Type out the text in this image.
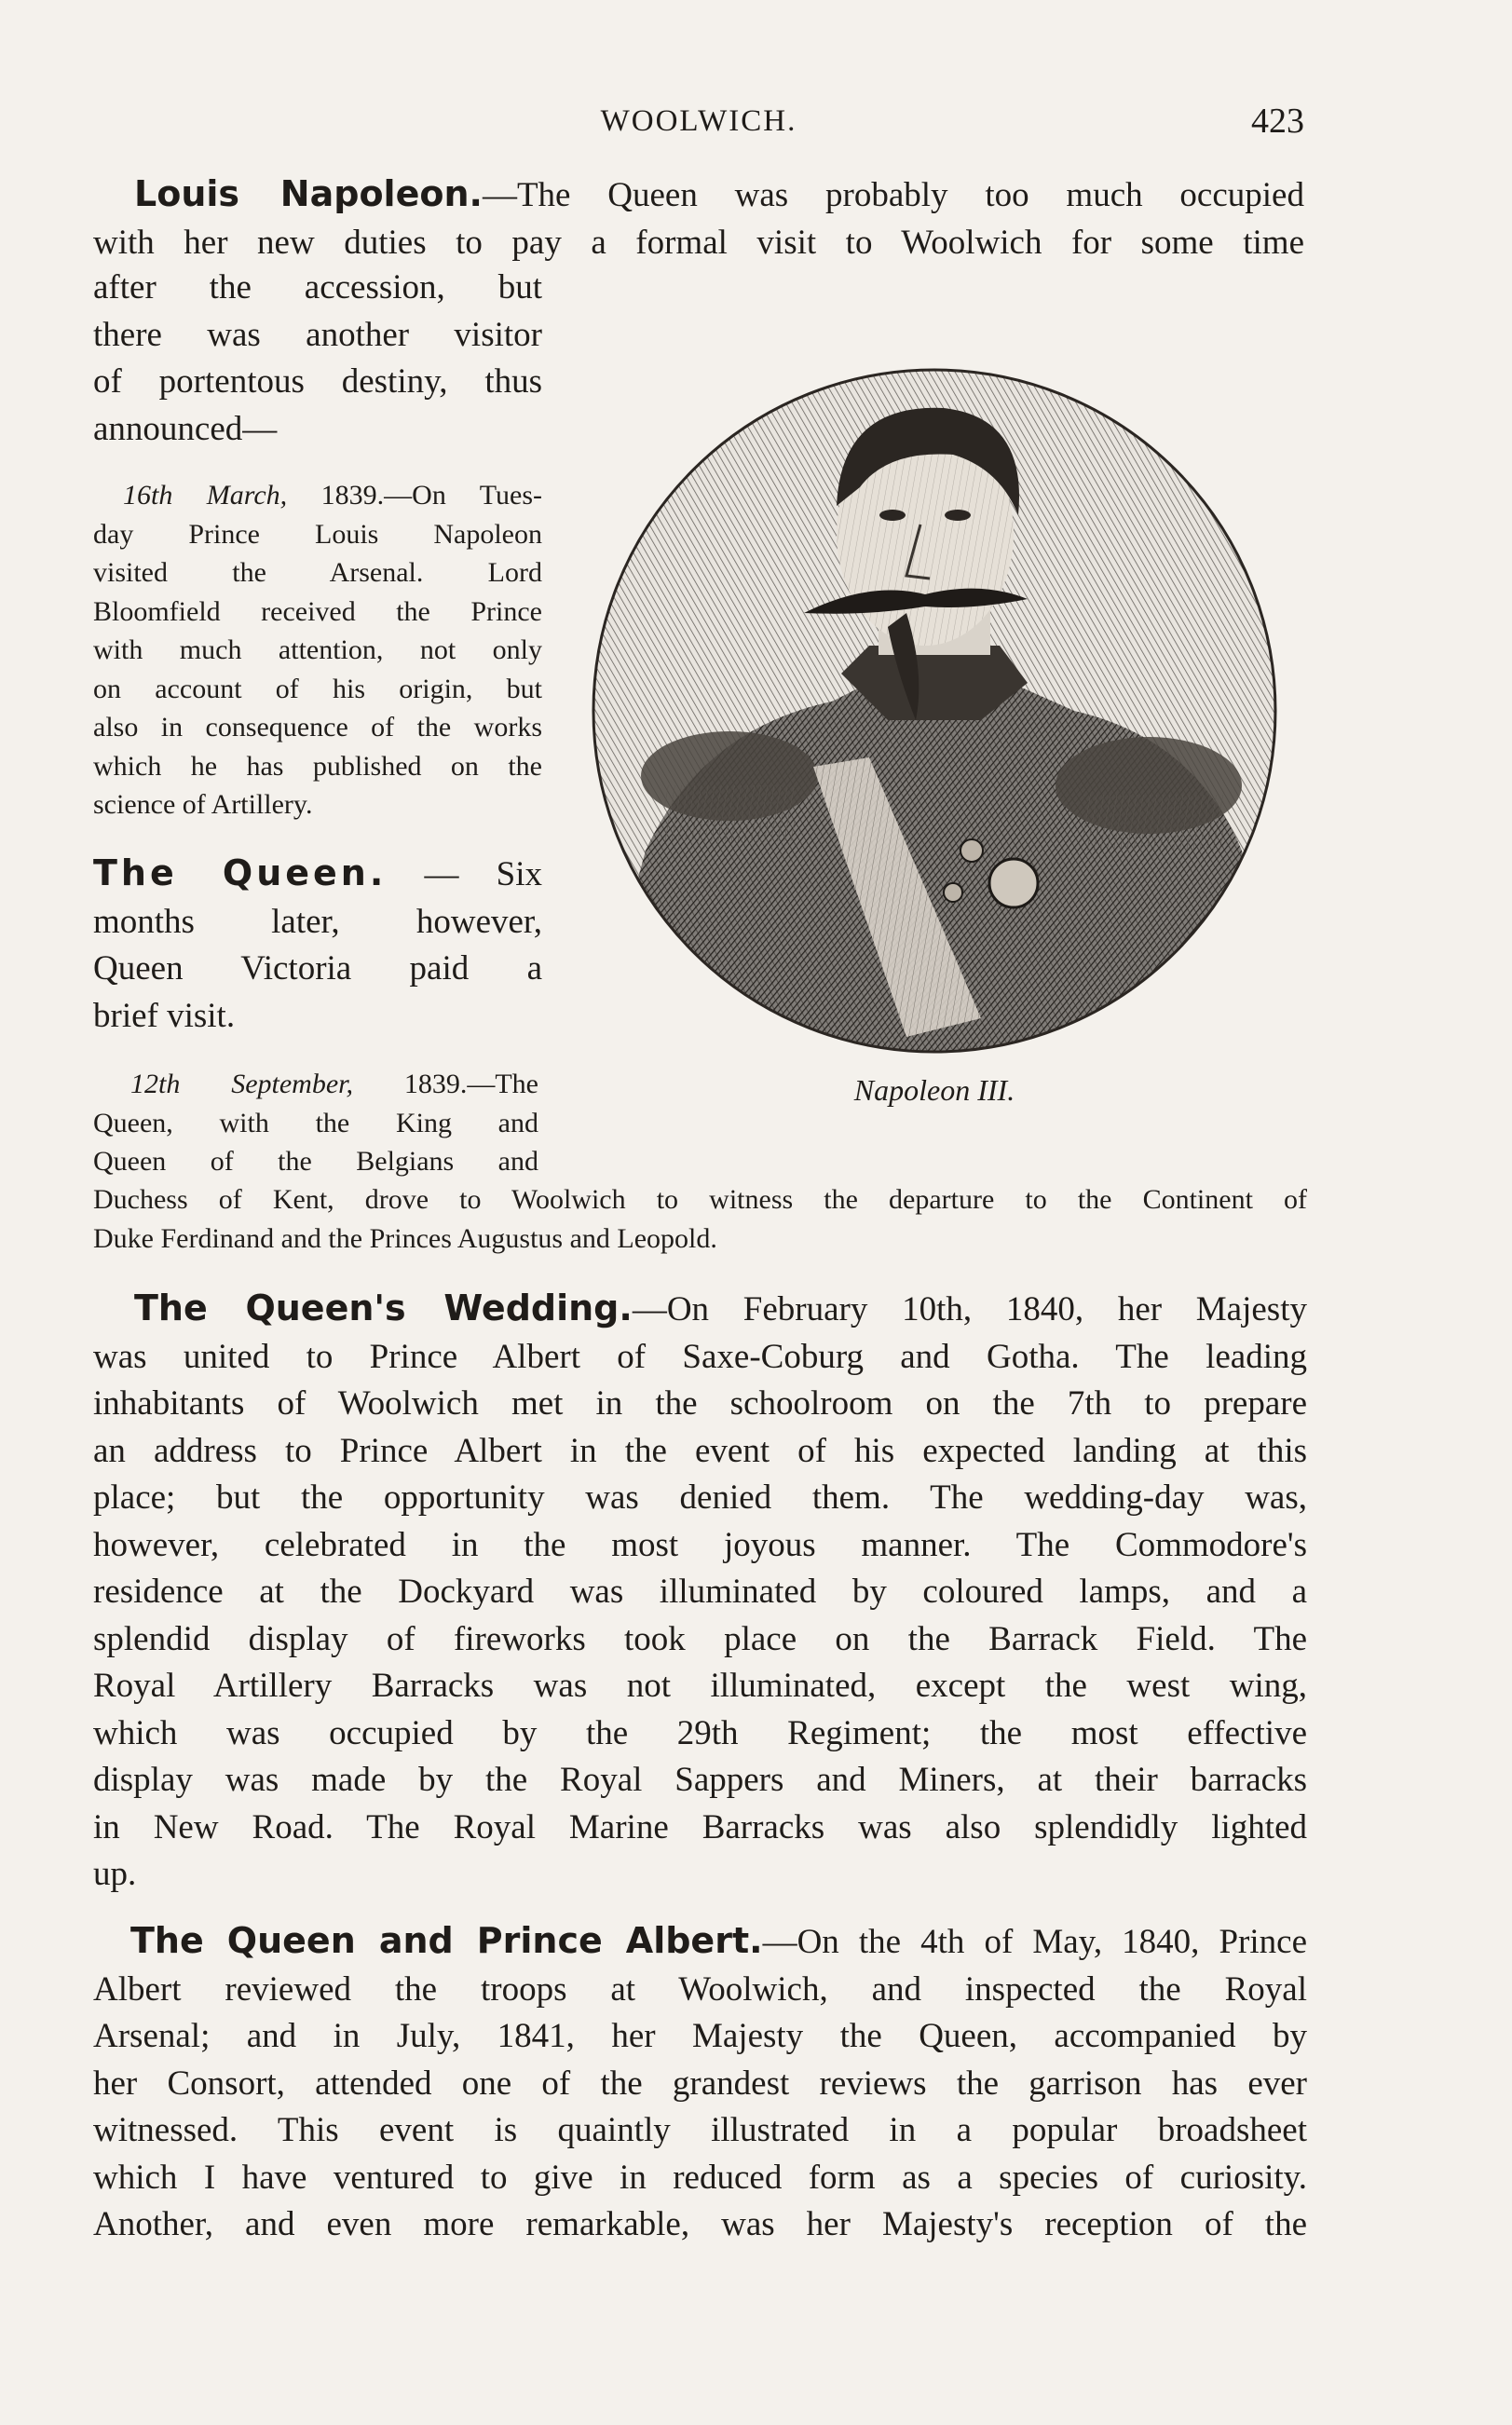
WOOLWICH.	423
Louis Napoleon.—The Queen was probably too much occupied
with her new duties to pay a formal visit to Woolwich for some time
after the accession, but
there was another visitor
of portentous destiny, thus
announced—
16th March, 1839.—On Tues-
day Prince Louis Napoleon
visited the Arsenal. Lord
Bloomfield received the Prince
with much attention, not only
on account of his origin, but
also in consequence of the works
which he has published on the
science of Artillery.
The Queen. — Six
months later, however,
Queen Victoria paid a
brief visit.
12th September, 1839.—The
Queen, with the King and
Queen of the Belgians and
Duchess of Kent, drove to Woolwich to witness the departure to the Continent of
Duke Ferdinand and the Princes Augustus and Leopold.
Napoleon III.
The Queen's Wedding.—On February 10th, 1840, her Majesty
was united to Prince Albert of Saxe-Coburg and Gotha. The leading
inhabitants of Woolwich met in the schoolroom on the 7th to prepare
an address to Prince Albert in the event of his expected landing at this
place; but the opportunity was denied them. The wedding-day was,
however, celebrated in the most joyous manner. The Commodore's
residence at the Dockyard was illuminated by coloured lamps, and a
splendid display of fireworks took place on the Barrack Field. The
Royal Artillery Barracks was not illuminated, except the west wing,
which was occupied by the 29th Regiment; the most effective
display was made by the Royal Sappers and Miners, at their barracks
in New Road. The Royal Marine Barracks was also splendidly lighted
up.
The Queen and Prince Albert.—On the 4th of May, 1840, Prince
Albert reviewed the troops at Woolwich, and inspected the Royal
Arsenal; and in July, 1841, her Majesty the Queen, accompanied by
her Consort, attended one of the grandest reviews the garrison has ever
witnessed. This event is quaintly illustrated in a popular broadsheet
which I have ventured to give in reduced form as a species of curiosity.
Another, and even more remarkable, was her Majesty's reception of the
